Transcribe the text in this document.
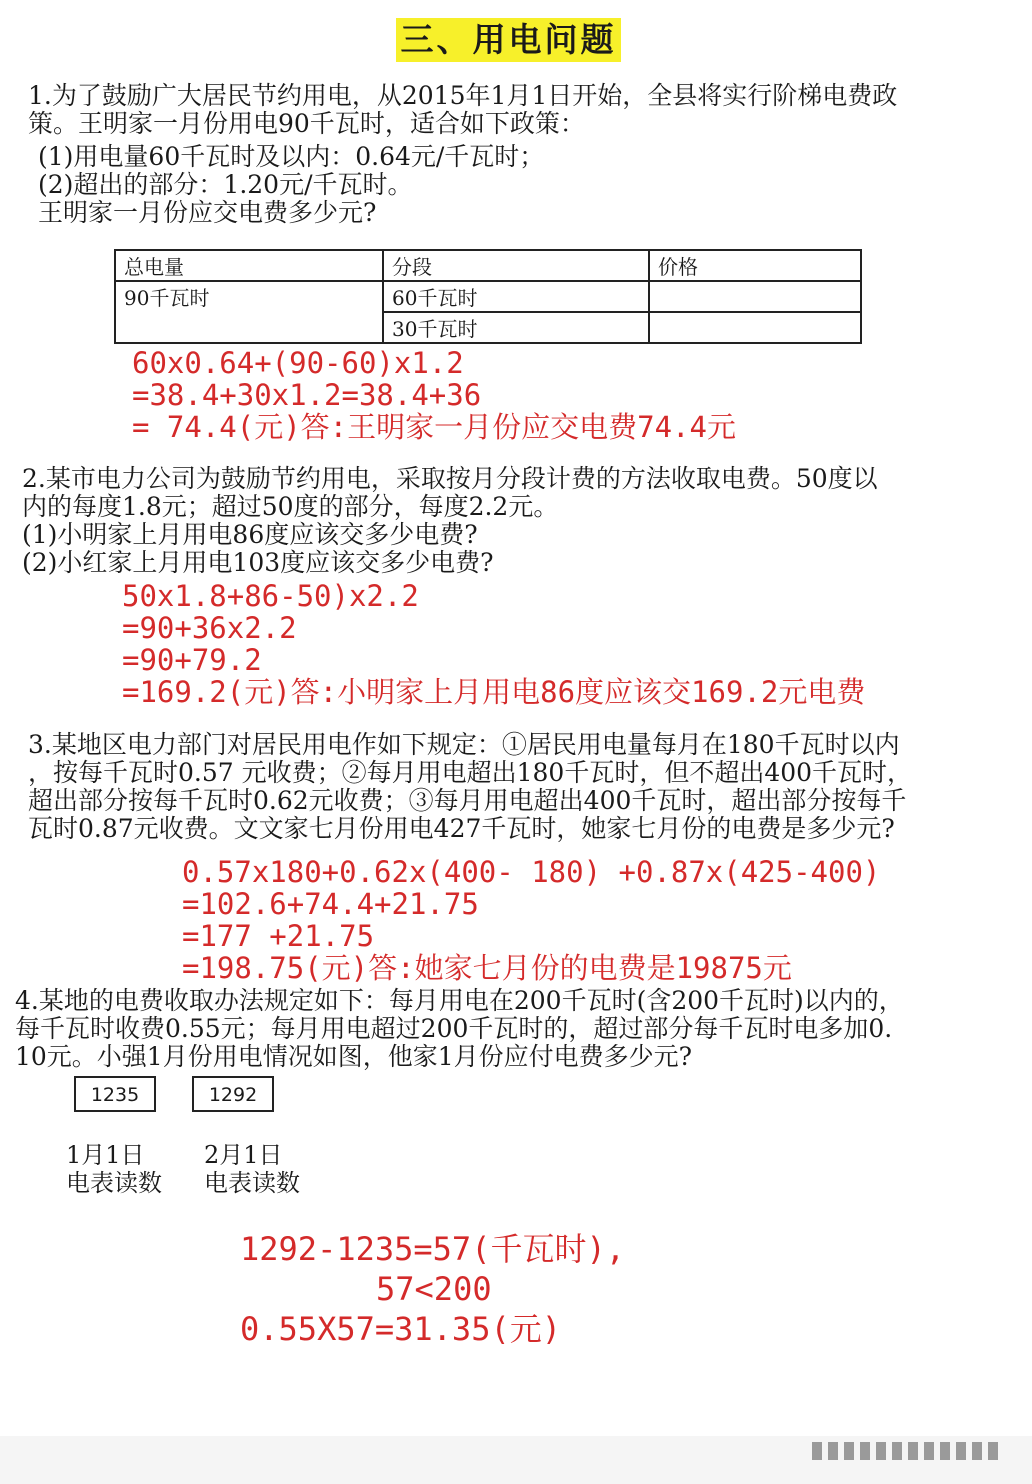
三、用电问题
1.为了鼓励广大居民节约用电，从2015年1月1日开始，全县将实行阶梯电费政
策。王明家一月份用电90千瓦时，适合如下政策：
(1)用电量60千瓦时及以内：0.64元/千瓦时；
(2)超出的部分：1.20元/千瓦时。
王明家一月份应交电费多少元?
总电量	分段	价格
90千瓦时	60千瓦时	
	30千瓦时	
60x0.64+(90-60)x1.2
=38.4+30x1.2=38.4+36
= 74.4(元)答:王明家一月份应交电费74.4元
2.某市电力公司为鼓励节约用电，采取按月分段计费的方法收取电费。50度以
内的每度1.8元；超过50度的部分，每度2.2元。
(1)小明家上月用电86度应该交多少电费?
(2)小红家上月用电103度应该交多少电费?
50x1.8+86-50)x2.2
=90+36x2.2
=90+79.2
=169.2(元)答:小明家上月用电86度应该交169.2元电费
3.某地区电力部门对居民用电作如下规定：①居民用电量每月在180千瓦时以内
，按每千瓦时0.57 元收费；②每月用电超出180千瓦时，但不超出400千瓦时，
超出部分按每千瓦时0.62元收费；③每月用电超出400千瓦时，超出部分按每千
瓦时0.87元收费。文文家七月份用电427千瓦时，她家七月份的电费是多少元?
0.57x180+0.62x(400- 180) +0.87x(425-400)
=102.6+74.4+21.75
=177 +21.75
=198.75(元)答:她家七月份的电费是19875元
4.某地的电费收取办法规定如下：每月用电在200千瓦时(含200千瓦时)以内的，
每千瓦时收费0.55元；每月用电超过200千瓦时的，超过部分每千瓦时电多加0.
10元。小强1月份用电情况如图，他家1月份应付电费多少元?
1235	1292
1月1日
电表读数
2月1日
电表读数
1292-1235=57(千瓦时),
57<200
0.55X57=31.35(元)
